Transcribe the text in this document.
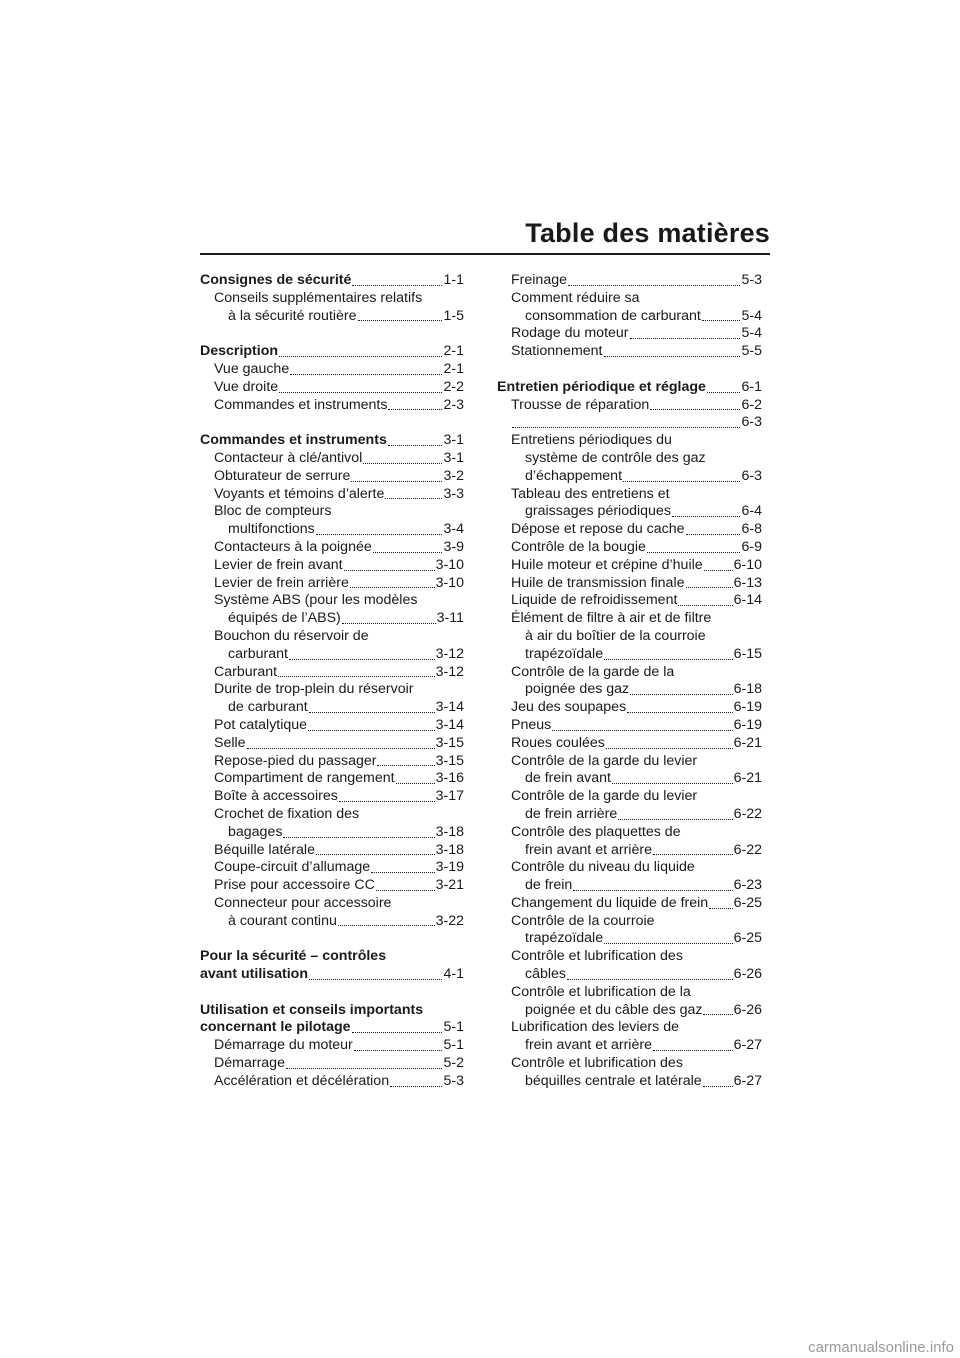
Table des matières
Consignes de sécurité	1-1
Conseils supplémentaires relatifs
à la sécurité routière	1-5
Description	2-1
Vue gauche	2-1
Vue droite	2-2
Commandes et instruments	2-3
Commandes et instruments	3-1
Contacteur à clé/antivol	3-1
Obturateur de serrure	3-2
Voyants et témoins d’alerte	3-3
Bloc de compteurs
multifonctions	3-4
Contacteurs à la poignée	3-9
Levier de frein avant	3-10
Levier de frein arrière	3-10
Système ABS (pour les modèles
équipés de l’ABS)	3-11
Bouchon du réservoir de
carburant	3-12
Carburant	3-12
Durite de trop-plein du réservoir
de carburant	3-14
Pot catalytique	3-14
Selle	3-15
Repose-pied du passager	3-15
Compartiment de rangement	3-16
Boîte à accessoires	3-17
Crochet de fixation des
bagages	3-18
Béquille latérale	3-18
Coupe-circuit d’allumage	3-19
Prise pour accessoire CC	3-21
Connecteur pour accessoire
à courant continu	3-22
Pour la sécurité – contrôles
avant utilisation	4-1
Utilisation et conseils importants
concernant le pilotage	5-1
Démarrage du moteur	5-1
Démarrage	5-2
Accélération et décélération	5-3
Freinage	5-3
Comment réduire sa
consommation de carburant	5-4
Rodage du moteur	5-4
Stationnement	5-5
Entretien périodique et réglage	6-1
Trousse de réparation	6-2
6-3
Entretiens périodiques du
système de contrôle des gaz
d’échappement	6-3
Tableau des entretiens et
graissages périodiques	6-4
Dépose et repose du cache	6-8
Contrôle de la bougie	6-9
Huile moteur et crépine d’huile 6-10
Huile de transmission finale	6-13
Liquide de refroidissement	6-14
Élément de filtre à air et de filtre
à air du boîtier de la courroie
trapézoïdale	6-15
Contrôle de la garde de la
poignée des gaz	6-18
Jeu des soupapes	6-19
Pneus	6-19
Roues coulées	6-21
Contrôle de la garde du levier
de frein avant	6-21
Contrôle de la garde du levier
de frein arrière	6-22
Contrôle des plaquettes de
frein avant et arrière	6-22
Contrôle du niveau du liquide
de frein	6-23
Changement du liquide de frein 6-25
Contrôle de la courroie
trapézoïdale	6-25
Contrôle et lubrification des
câbles	6-26
Contrôle et lubrification de la
poignée et du câble des gaz 6-26
Lubrification des leviers de
frein avant et arrière	6-27
Contrôle et lubrification des
béquilles centrale et latérale 6-27
carmanualsonline.info
